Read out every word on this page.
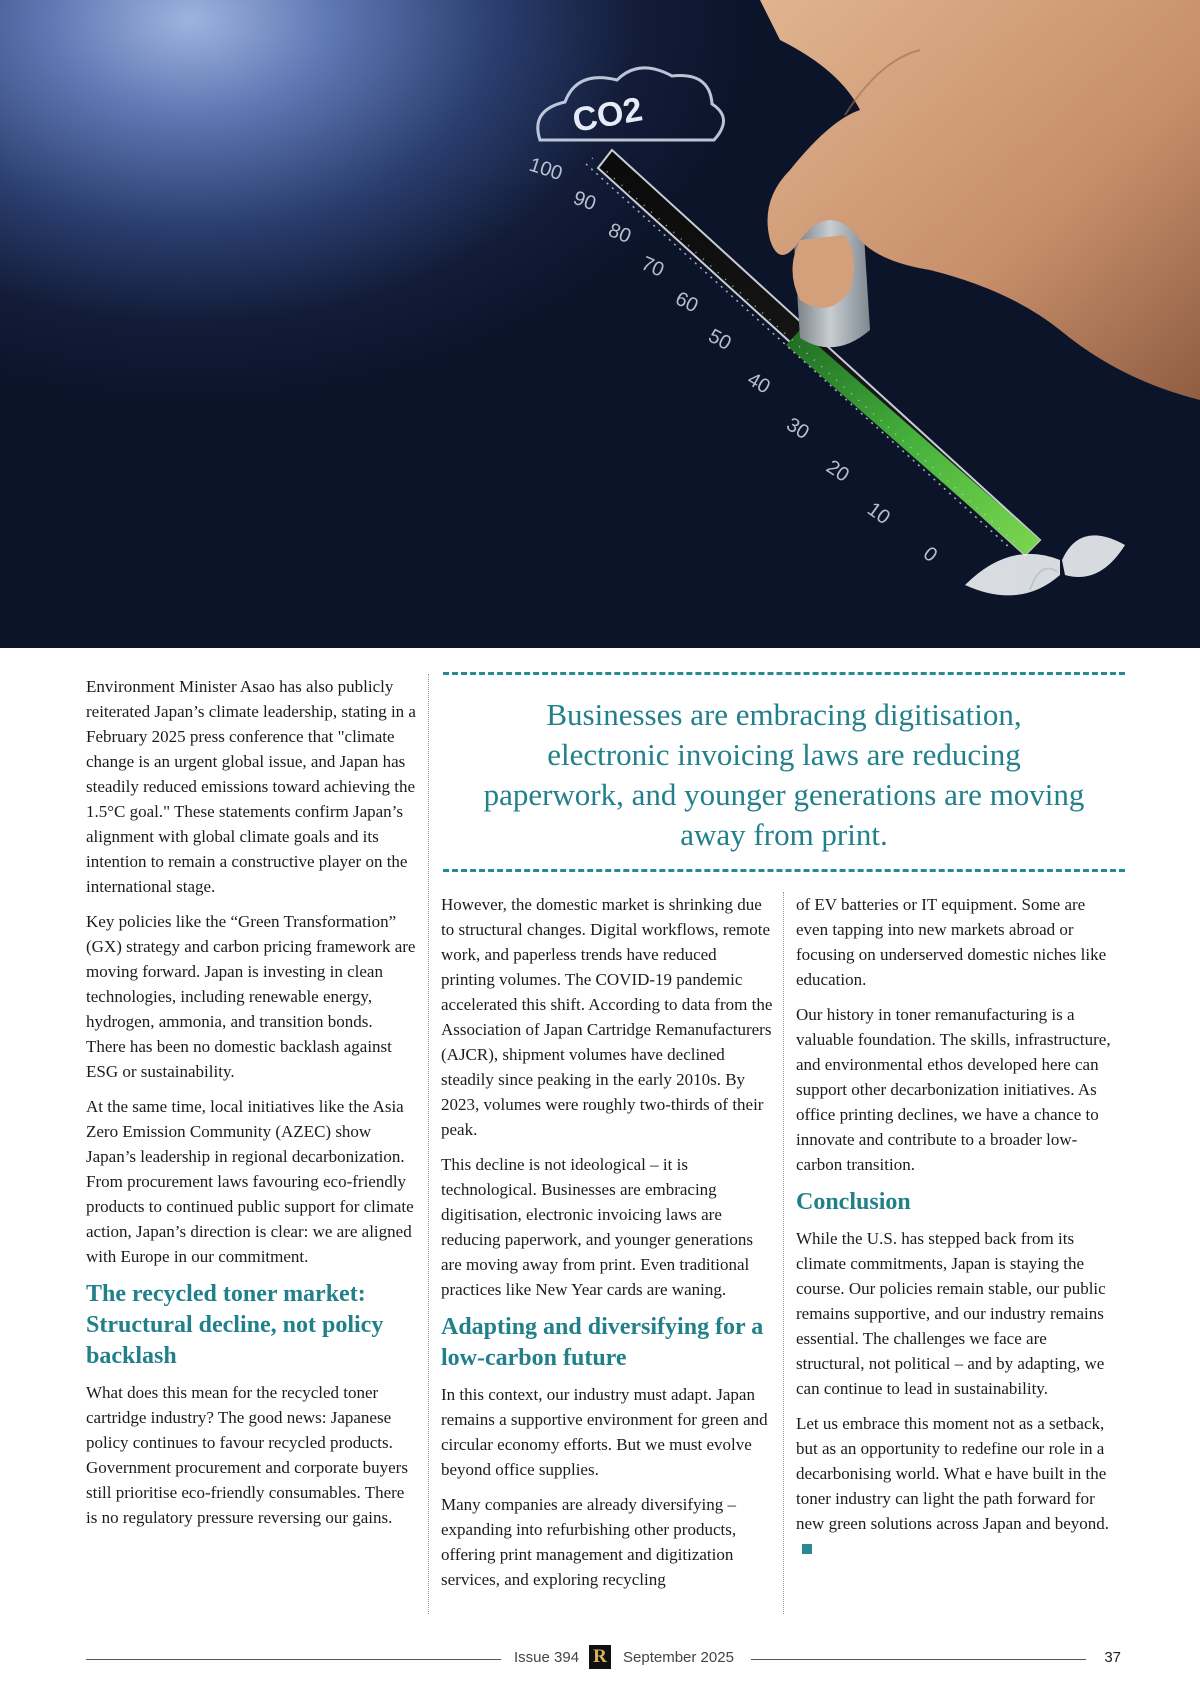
CO2
100
90
80
70
60
50
40
30
20
10
0

Environment Minister Asao has also publicly reiterated Japan’s climate leadership, stating in a February 2025 press conference that "climate change is an urgent global issue, and Japan has steadily reduced emissions toward achieving the 1.5°C goal." These statements confirm Japan’s alignment with global climate goals and its intention to remain a constructive player on the international stage.

Key policies like the “Green Transformation” (GX) strategy and carbon pricing framework are moving forward. Japan is investing in clean technologies, including renewable energy, hydrogen, ammonia, and transition bonds. There has been no domestic backlash against ESG or sustainability.

At the same time, local initiatives like the Asia Zero Emission Community (AZEC) show Japan’s leadership in regional decarbonization. From procurement laws favouring eco-friendly products to continued public support for climate action, Japan’s direction is clear: we are aligned with Europe in our commitment.

The recycled toner market: Structural decline, not policy backlash

What does this mean for the recycled toner cartridge industry? The good news: Japanese policy continues to favour recycled products. Government procurement and corporate buyers still prioritise eco-friendly consumables. There is no regulatory pressure reversing our gains.

Businesses are embracing digitisation, electronic invoicing laws are reducing paperwork, and younger generations are moving away from print.

However, the domestic market is shrinking due to structural changes. Digital workflows, remote work, and paperless trends have reduced printing volumes. The COVID-19 pandemic accelerated this shift. According to data from the Association of Japan Cartridge Remanufacturers (AJCR), shipment volumes have declined steadily since peaking in the early 2010s. By 2023, volumes were roughly two-thirds of their peak.

This decline is not ideological – it is technological. Businesses are embracing digitisation, electronic invoicing laws are reducing paperwork, and younger generations are moving away from print. Even traditional practices like New Year cards are waning.

Adapting and diversifying for a low-carbon future

In this context, our industry must adapt. Japan remains a supportive environment for green and circular economy efforts. But we must evolve beyond office supplies.

Many companies are already diversifying – expanding into refurbishing other products, offering print management and digitization services, and exploring recycling

of EV batteries or IT equipment. Some are even tapping into new markets abroad or focusing on underserved domestic niches like education.

Our history in toner remanufacturing is a valuable foundation. The skills, infrastructure, and environmental ethos developed here can support other decarbonization initiatives. As office printing declines, we have a chance to innovate and contribute to a broader low-carbon transition.

Conclusion

While the U.S. has stepped back from its climate commitments, Japan is staying the course. Our policies remain stable, our public remains supportive, and our industry remains essential. The challenges we face are structural, not political – and by adapting, we can continue to lead in sustainability.

Let us embrace this moment not as a setback, but as an opportunity to redefine our role in a decarbonising world. What e have built in the toner industry can light the path forward for new green solutions across Japan and beyond.

Issue 394 R September 2025	37
